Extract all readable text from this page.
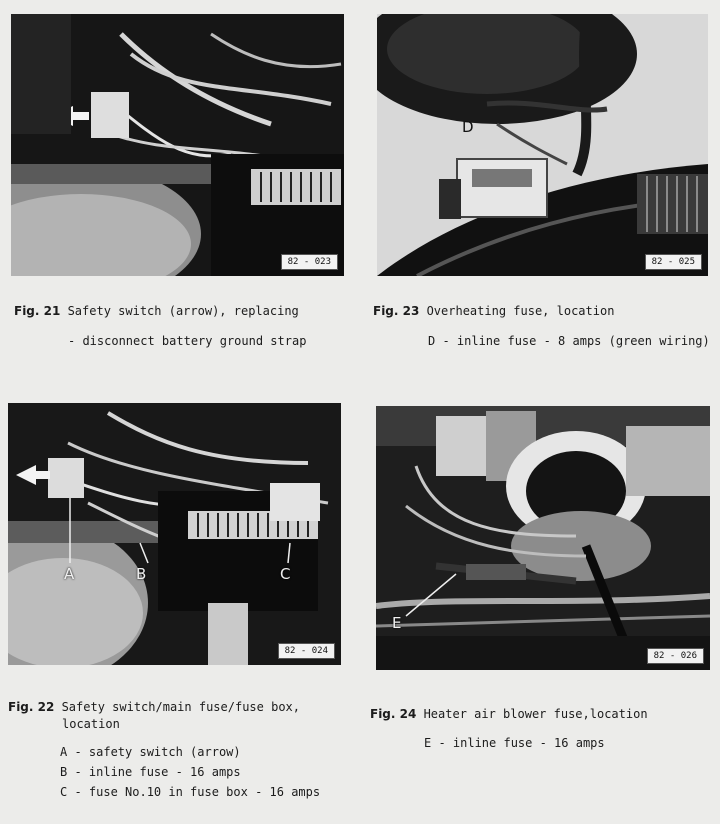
82 - 023
D
82 - 025
Fig. 21 Safety switch (arrow), replacing
- disconnect battery ground strap
Fig. 23 Overheating fuse, location
D - inline fuse - 8 amps (green wiring)
A	B	C
82 - 024
E
82 - 026
Fig. 22 Safety switch/main fuse/fuse box,
location
A - safety switch (arrow)
B - inline fuse - 16 amps
C - fuse No.10 in fuse box - 16 amps
Fig. 24 Heater air blower fuse,location
E - inline fuse - 16 amps
